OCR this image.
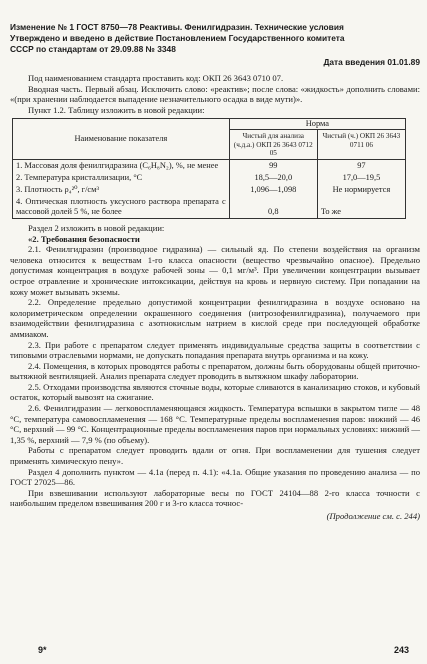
Изменение № 1 ГОСТ 8750—78 Реактивы. Фенилгидразин. Технические условия

Утверждено и введено в действие Постановлением Государственного комитета

СССР по стандартам от 29.09.88 № 3348

Дата введения 01.01.89

Под наименованием стандарта проставить код: ОКП 26 3643 0710 07.

Вводная часть. Первый абзац. Исключить слово: «реактив»; после слова: «жидкость» дополнить словами: «(при хранении наблюдается выпадение незначительного осадка в виде мути)».

Пункт 1.2. Таблицу изложить в новой редакции:

Наименование показателя	Норма	
	Чистый для анализа (ч.д.а.) ОКП 26 3643 0712 05	Чистый (ч.) ОКП 26 3643 0711 06
1. Массовая доля фенилгидразина (C₆H₈N₂), %, не менее	99	97
2. Температура кристаллизации, °C	18,5—20,0	17,0—19,5
3. Плотность ρ₄²⁰, г/см³	1,096—1,098	Не нормируется
4. Оптическая плотность уксусного раствора препарата с массовой долей 5 %, не более	0,8	То же

Раздел 2 изложить в новой редакции:

«2. Требования безопасности

2.1. Фенилгидразин (производное гидразина) — сильный яд. По степени воздействия на организм человека относится к веществам 1-го класса опасности (вещество чрезвычайно опасное). Предельно допустимая концентрация в воздухе рабочей зоны — 0,1 мг/м³. При увеличении концентрации вызывает острое отравление и хронические интоксикации, действуя на кровь и нервную систему. При попадании на кожу может вызывать экземы.

2.2. Определение предельно допустимой концентрации фенилгидразина в воздухе основано на колориметрическом определении окрашенного соединения (нитрозофенилгидразина), получаемого при взаимодействии фенилгидразина с азотнокислым натрием в кислой среде при последующей обработке аммиаком.

2.3. При работе с препаратом следует применять индивидуальные средства защиты в соответствии с типовыми отраслевыми нормами, не допускать попадания препарата внутрь организма и на кожу.

2.4. Помещения, в которых проводятся работы с препаратом, должны быть оборудованы общей приточно-вытяжной вентиляцией. Анализ препарата следует проводить в вытяжном шкафу лаборатории.

2.5. Отходами производства являются сточные воды, которые сливаются в канализацию стоков, и кубовый остаток, который вывозят на сжигание.

2.6. Фенилгидразин — легковоспламеняющаяся жидкость. Температура вспышки в закрытом тигле — 48 °C, температура самовоспламенения — 168 °C. Температурные пределы воспламенения паров: нижний — 46 °C, верхний — 99 °C. Концентрационные пределы воспламенения паров при нормальных условиях: нижний — 1,35 %, верхний — 7,9 % (по объему).

Работы с препаратом следует проводить вдали от огня. При воспламенении для тушения следует применять химическую пену».

Раздел 4 дополнить пунктом — 4.1а (перед п. 4.1): «4.1а. Общие указания по проведению анализа — по ГОСТ 27025—86.

При взвешивании используют лабораторные весы по ГОСТ 24104—88 2-го класса точности с наибольшим пределом взвешивания 200 г и 3-го класса точнос-

(Продолжение см. с. 244)
9*	243
